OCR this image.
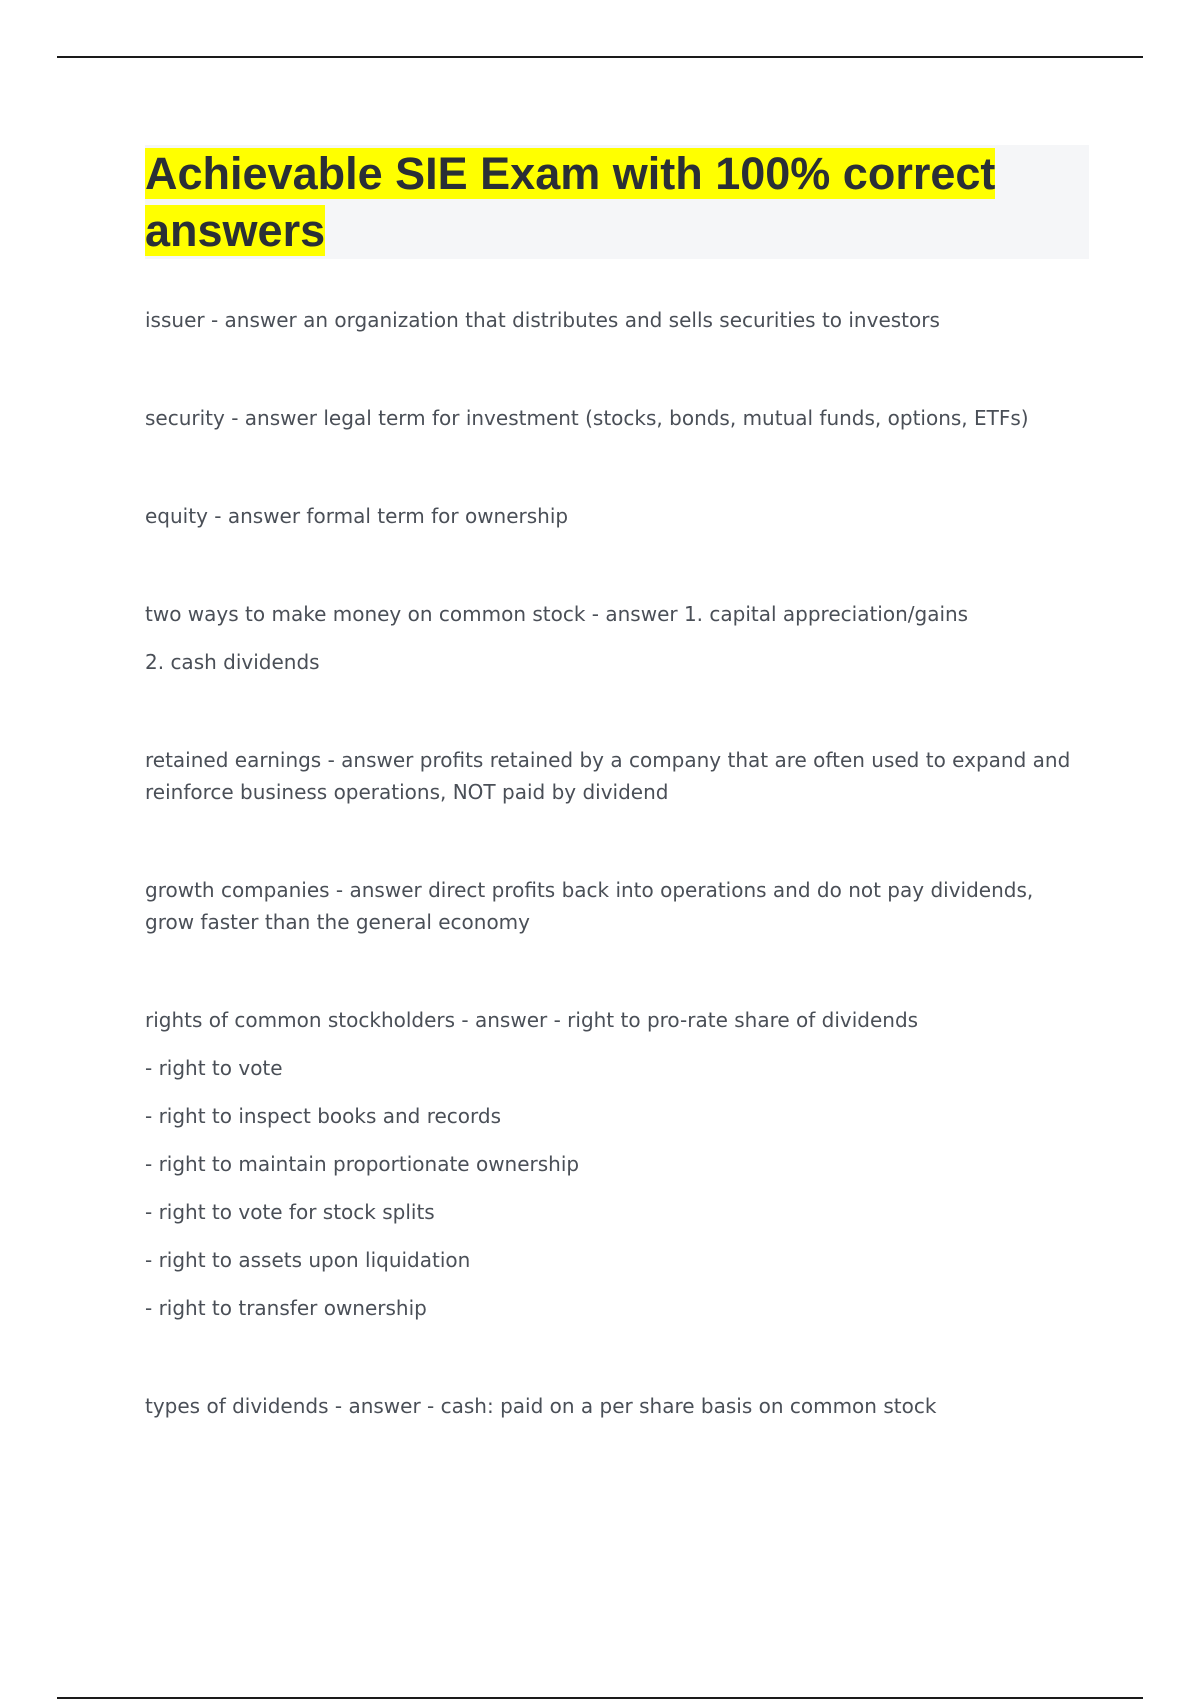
Achievable SIE Exam with 100% correct answers

issuer - answer an organization that distributes and sells securities to investors

security - answer legal term for investment (stocks, bonds, mutual funds, options, ETFs)

equity - answer formal term for ownership

two ways to make money on common stock - answer 1. capital appreciation/gains

2. cash dividends

retained earnings - answer profits retained by a company that are often used to expand and reinforce business operations, NOT paid by dividend

growth companies - answer direct profits back into operations and do not pay dividends, grow faster than the general economy

rights of common stockholders - answer - right to pro-rate share of dividends

- right to vote

- right to inspect books and records

- right to maintain proportionate ownership

- right to vote for stock splits

- right to assets upon liquidation

- right to transfer ownership

types of dividends - answer - cash: paid on a per share basis on common stock
